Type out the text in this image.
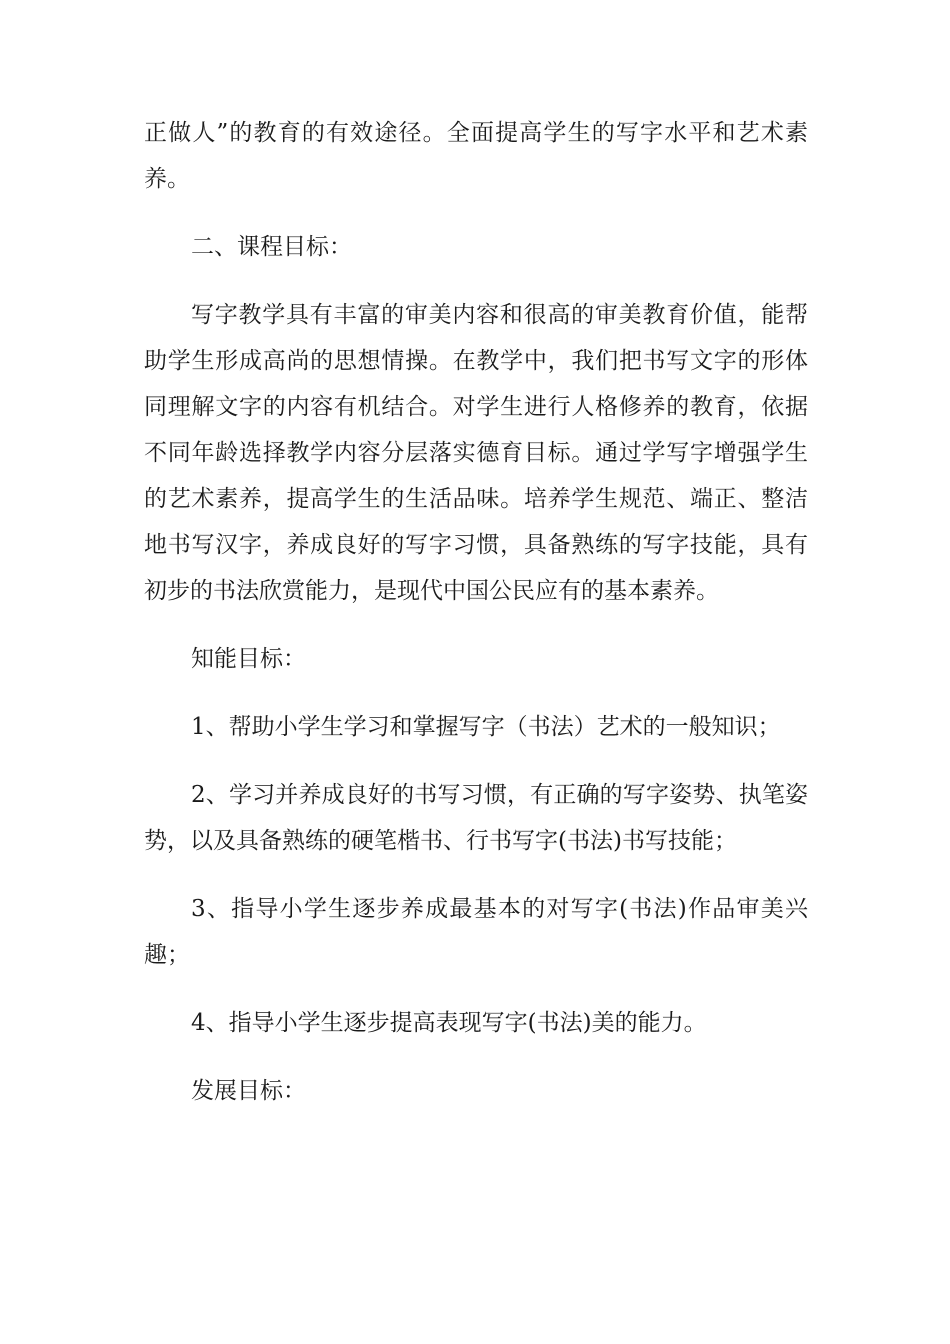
正做人”的教育的有效途径。全面提高学生的写字水平和艺术素养。

二、课程目标：

写字教学具有丰富的审美内容和很高的审美教育价值，能帮助学生形成高尚的思想情操。在教学中，我们把书写文字的形体同理解文字的内容有机结合。对学生进行人格修养的教育，依据不同年龄选择教学内容分层落实德育目标。通过学写字增强学生的艺术素养，提高学生的生活品味。培养学生规范、端正、整洁地书写汉字，养成良好的写字习惯，具备熟练的写字技能，具有初步的书法欣赏能力，是现代中国公民应有的基本素养。

知能目标：

1、帮助小学生学习和掌握写字（书法）艺术的一般知识；

2、学习并养成良好的书写习惯，有正确的写字姿势、执笔姿势，以及具备熟练的硬笔楷书、行书写字(书法)书写技能；

3、指导小学生逐步养成最基本的对写字(书法)作品审美兴趣；

4、指导小学生逐步提高表现写字(书法)美的能力。

发展目标：
